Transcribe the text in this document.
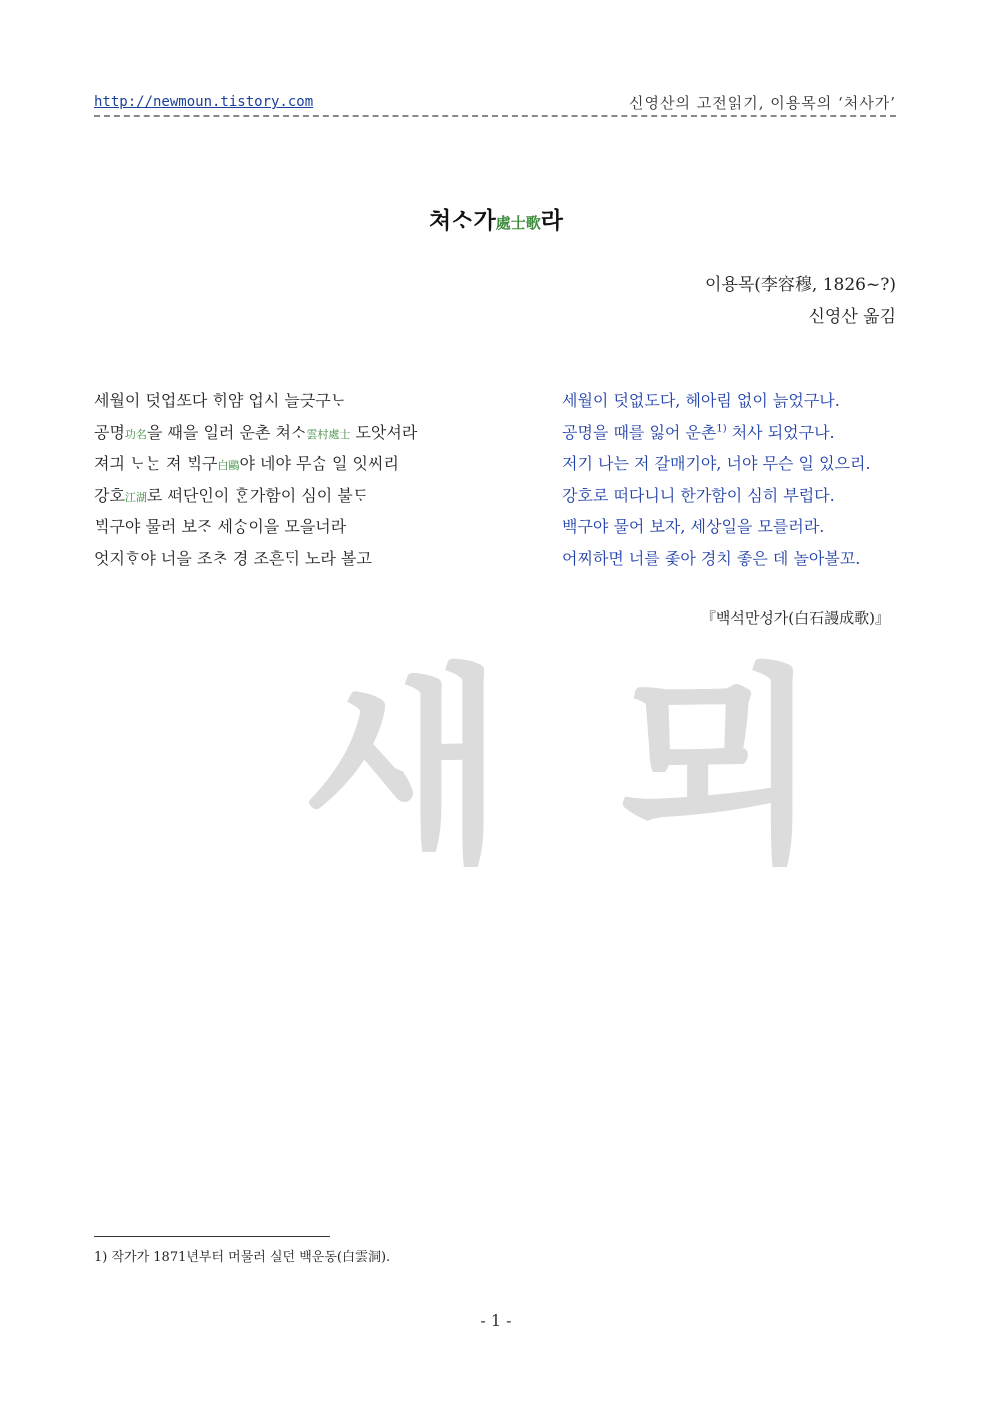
http://newmoun.tistory.com	신영산의 고전읽기, 이용목의 ‘처사가’
새 뫼
쳐ᄉᆞ가處士歌라
이용목(李容穆, 1826~?)
신영산 옮김
세월이 덧업ᄯᅩ다 ᄒᆡ얌 업시 늘긋구ᄂᆞ
공명功名을 ᄯᅢ을 일러 운촌 쳐ᄉᆞ雲村處士 도앗셔라
져긔 ᄂᆞᄂᆞᆫ 져 ᄇᆡᆨ구白鷗야 네야 무ᄉᆞᆷ 일 잇씨리
강호江湖로 ᄯᅥ단인이 ᄒᆞᆫ가함이 심이 불ᄃᆞ
ᄇᆡᆨ구야 물러 보ᄌᆞ 세ᄉᆞᆼ이을 모을너라
엇지ᄒᆞ야 너을 조ᄎᆞ 경 조흔ᄃᆡ 노라 볼고
세월이 덧없도다, 헤아림 없이 늙었구나.
공명을 때를 잃어 운촌$^{1)}$ 처사 되었구나.
저기 나는 저 갈매기야, 너야 무슨 일 있으리.
강호로 떠다니니 한가함이 심히 부럽다.
백구야 물어 보자, 세상일을 모를러라.
어찌하면 너를 좇아 경치 좋은 데 놀아볼꼬.
『백석만성가(白石謾成歌)』
1) 작가가 1871년부터 머물러 실던 백운동(白雲洞).
- 1 -
